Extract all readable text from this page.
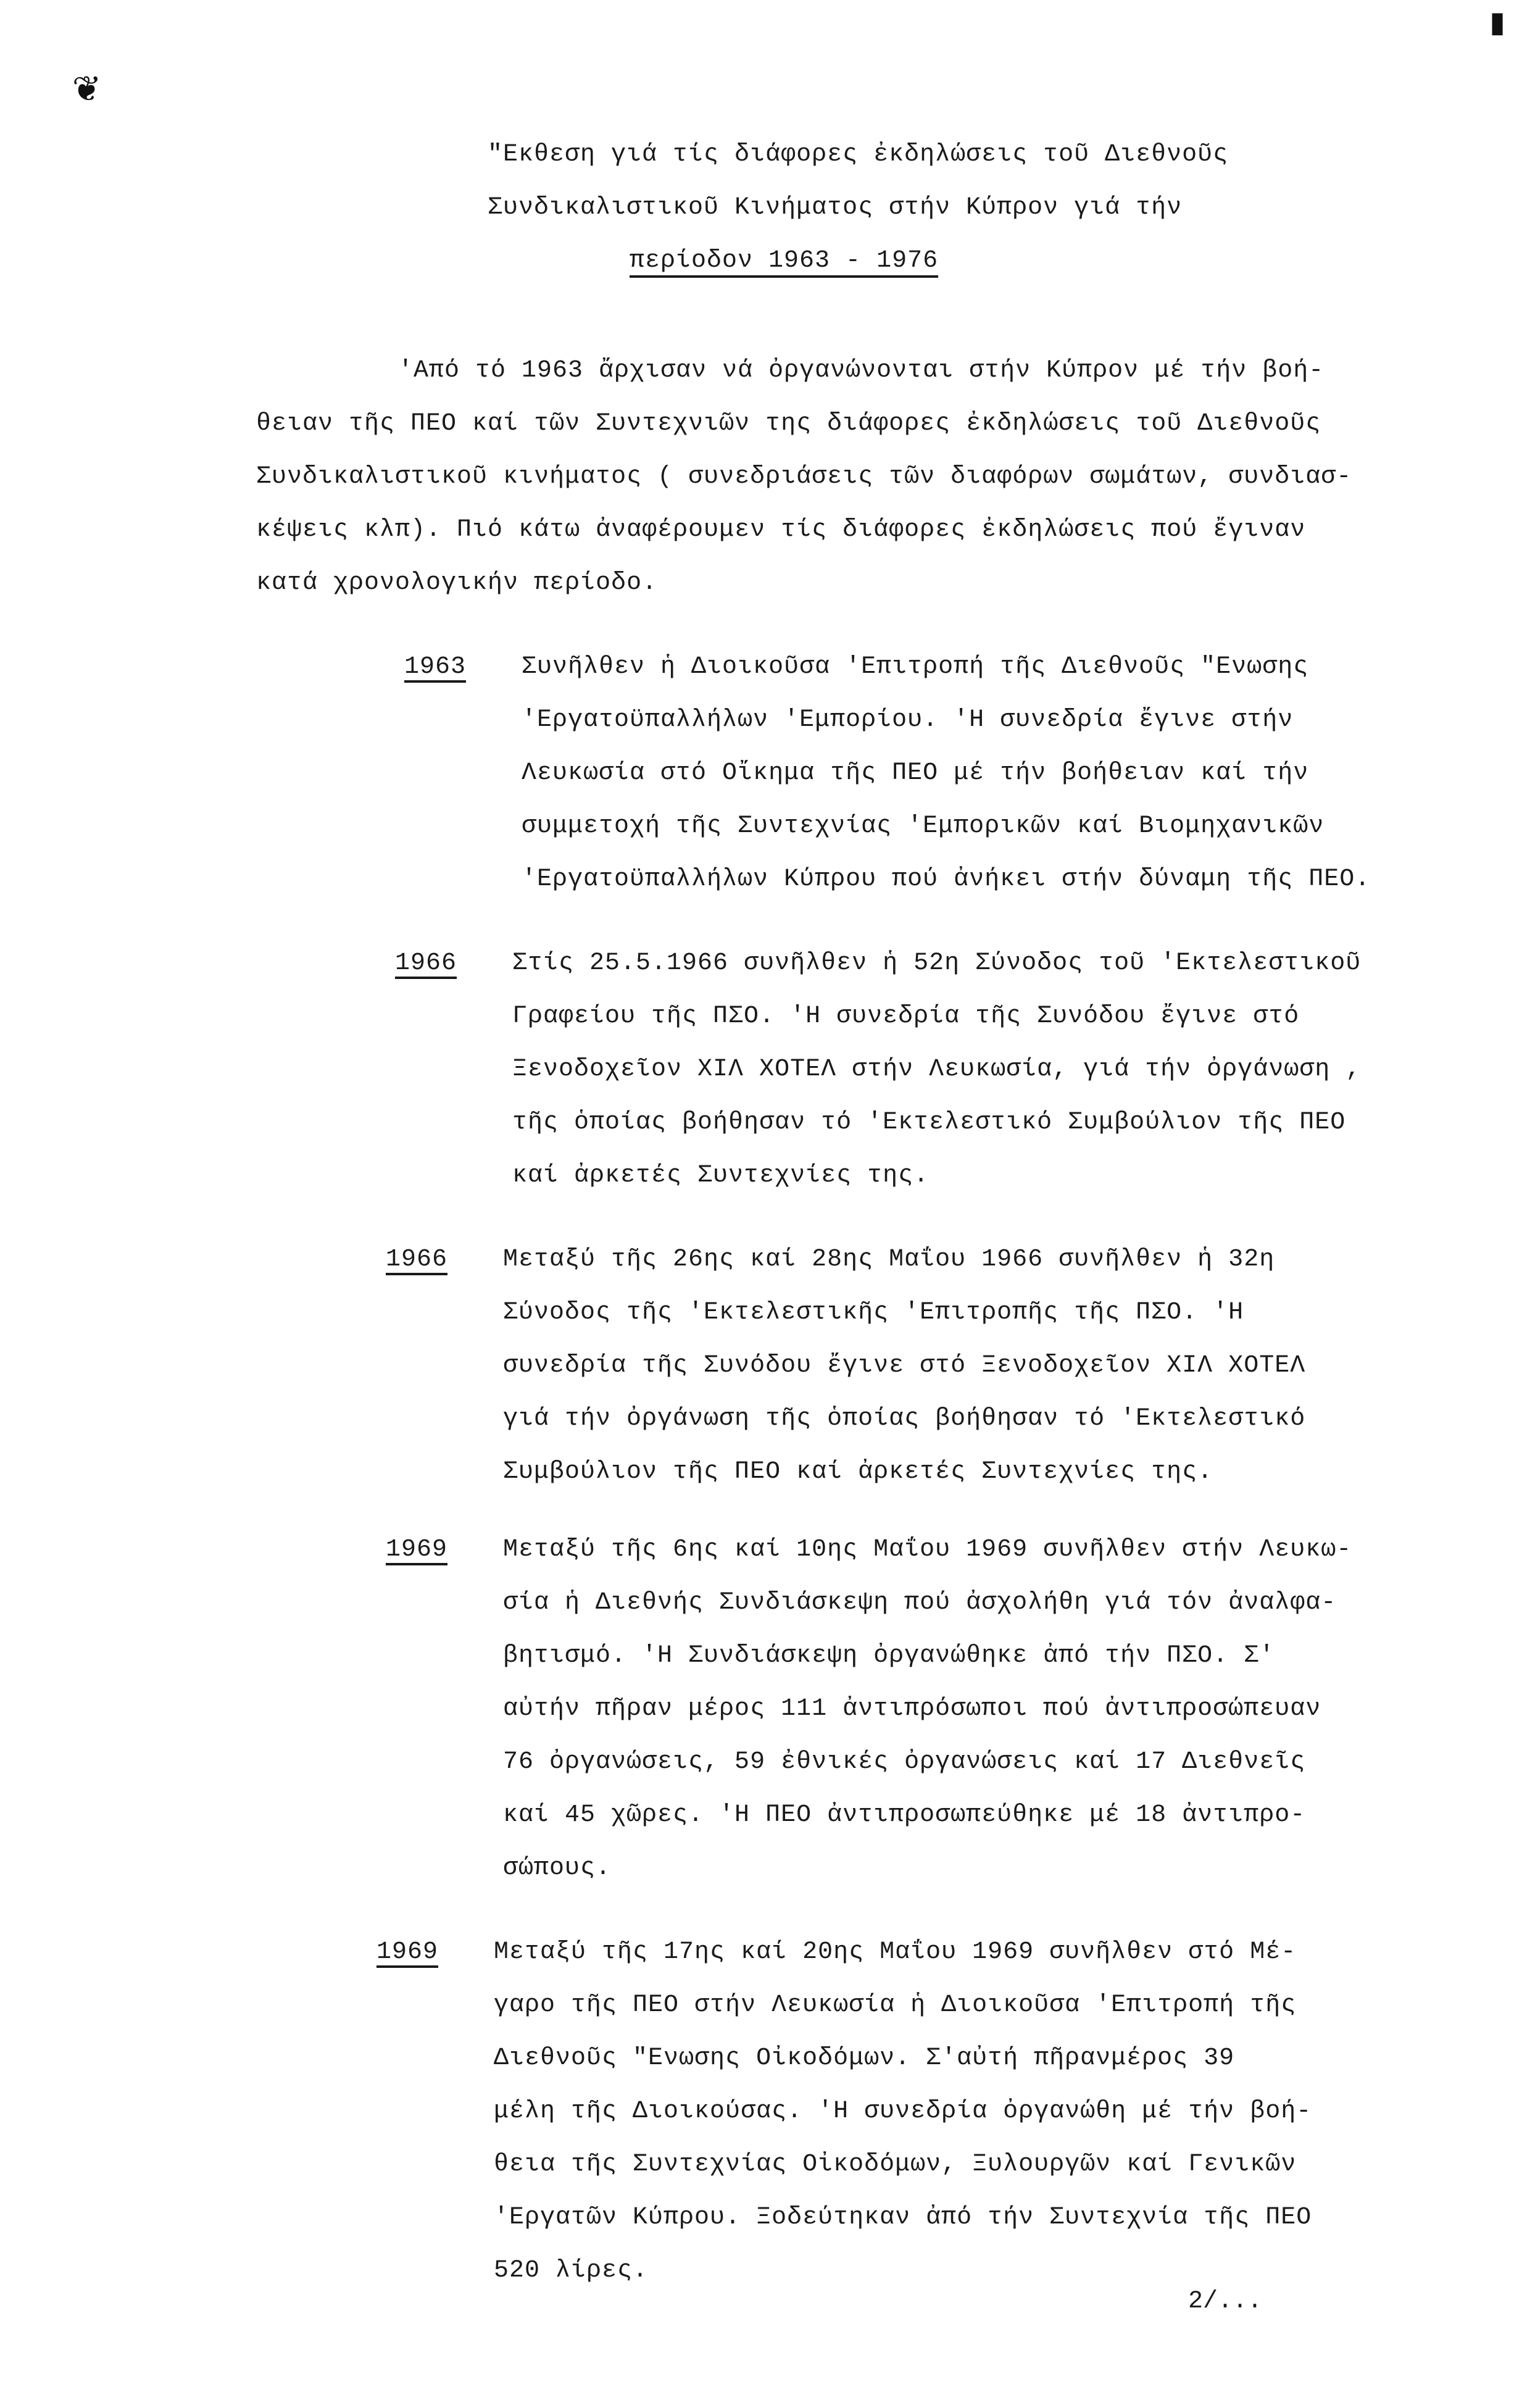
❦
▮
"Εκθεση γιά τίς διάφορες ἐκδηλώσεις τοῦ Διεθνοῦς
Συνδικαλιστικοῦ Κινήματος στήν Κύπρον γιά τήν
περίοδον 1963 - 1976
'Από τό 1963 ἄρχισαν νά ὀργανώνονται στήν Κύπρον μέ τήν βοή-
θειαν τῆς ΠΕΟ καί τῶν Συντεχνιῶν της διάφορες ἐκδηλώσεις τοῦ Διεθνοῦς
Συνδικαλιστικοῦ κινήματος ( συνεδριάσεις τῶν διαφόρων σωμάτων, συνδιασ-
κέψεις κλπ). Πιό κάτω ἀναφέρουμεν τίς διάφορες ἐκδηλώσεις πού ἔγιναν
κατά χρονολογικήν περίοδο.
1963	Συνῆλθεν ἡ Διοικοῦσα 'Επιτροπή τῆς Διεθνοῦς "Ενωσης
'Εργατοϋπαλλήλων 'Εμπορίου. 'Η συνεδρία ἔγινε στήν
Λευκωσία στό Οἴκημα τῆς ΠΕΟ μέ τήν βοήθειαν καί τήν
συμμετοχή τῆς Συντεχνίας 'Εμπορικῶν καί Βιομηχανικῶν
'Εργατοϋπαλλήλων Κύπρου πού ἀνήκει στήν δύναμη τῆς ΠΕΟ.
1966	Στίς 25.5.1966 συνῆλθεν ἡ 52η Σύνοδος τοῦ 'Εκτελεστικοῦ
Γραφείου τῆς ΠΣΟ. 'Η συνεδρία τῆς Συνόδου ἔγινε στό
Ξενοδοχεῖον ΧΙΛ ΧΟΤΕΛ στήν Λευκωσία, γιά τήν ὀργάνωση ,
τῆς ὁποίας βοήθησαν τό 'Εκτελεστικό Συμβούλιον τῆς ΠΕΟ
καί ἀρκετές Συντεχνίες της.
1966	Μεταξύ τῆς 26ης καί 28ης Μαΐου 1966 συνῆλθεν ἡ 32η
Σύνοδος τῆς 'Εκτελεστικῆς 'Επιτροπῆς τῆς ΠΣΟ. 'Η
συνεδρία τῆς Συνόδου ἔγινε στό Ξενοδοχεῖον ΧΙΛ ΧΟΤΕΛ
γιά τήν ὀργάνωση τῆς ὁποίας βοήθησαν τό 'Εκτελεστικό
Συμβούλιον τῆς ΠΕΟ καί ἀρκετές Συντεχνίες της.
1969	Μεταξύ τῆς 6ης καί 10ης Μαΐου 1969 συνῆλθεν στήν Λευκω-
σία ἡ Διεθνής Συνδιάσκεψη πού ἀσχολήθη γιά τόν ἀναλφα-
βητισμό. 'Η Συνδιάσκεψη ὀργανώθηκε ἀπό τήν ΠΣΟ. Σ'
αὐτήν πῆραν μέρος 111 ἀντιπρόσωποι πού ἀντιπροσώπευαν
76 ὀργανώσεις, 59 ἐθνικές ὀργανώσεις καί 17 Διεθνεῖς
καί 45 χῶρες. 'Η ΠΕΟ ἀντιπροσωπεύθηκε μέ 18 ἀντιπρο-
σώπους.
1969	Μεταξύ τῆς 17ης καί 20ης Μαΐου 1969 συνῆλθεν στό Μέ-
γαρο τῆς ΠΕΟ στήν Λευκωσία ἡ Διοικοῦσα 'Επιτροπή τῆς
Διεθνοῦς "Ενωσης Οἰκοδόμων. Σ'αὐτή πῆρανμέρος 39
μέλη τῆς Διοικούσας. 'Η συνεδρία ὀργανώθη μέ τήν βοή-
θεια τῆς Συντεχνίας Οἰκοδόμων, Ξυλουργῶν καί Γενικῶν
'Εργατῶν Κύπρου. Ξοδεύτηκαν ἀπό τήν Συντεχνία τῆς ΠΕΟ
520 λίρες.
2/...
